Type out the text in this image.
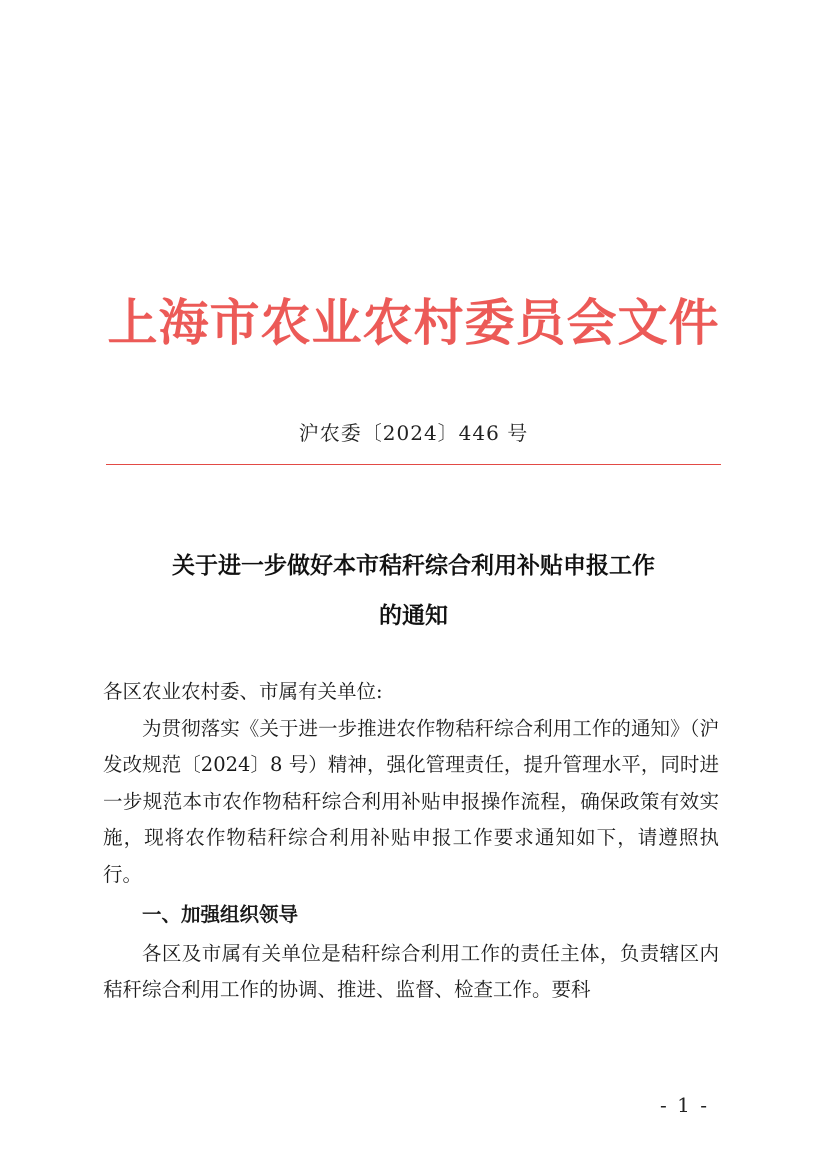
上海市农业农村委员会文件
沪农委〔2024〕446 号
关于进一步做好本市秸秆综合利用补贴申报工作
的通知

各区农业农村委、市属有关单位:

为贯彻落实《关于进一步推进农作物秸秆综合利用工作的通知》（沪发改规范〔2024〕8 号）精神，强化管理责任，提升管理水平，同时进一步规范本市农作物秸秆综合利用补贴申报操作流程，确保政策有效实施，现将农作物秸秆综合利用补贴申报工作要求通知如下，请遵照执行。

一、加强组织领导

各区及市属有关单位是秸秆综合利用工作的责任主体，负责辖区内秸秆综合利用工作的协调、推进、监督、检查工作。要科

- 1 -
